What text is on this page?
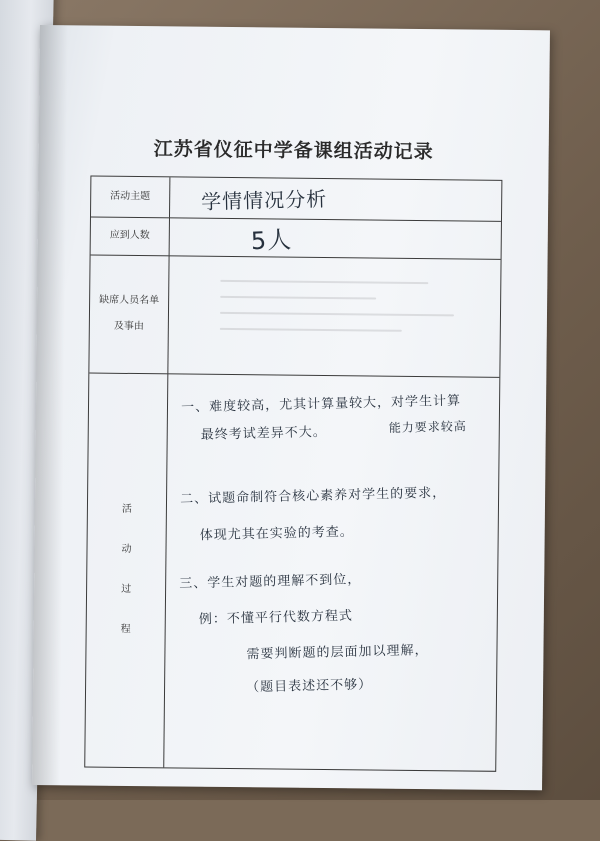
江苏省仪征中学备课组活动记录
活动主题	学情情况分析
应到人数	5人
缺席人员名单
及事由
活
动
过
程
一、难度较高，尤其计算量较大，对学生计算
能力要求较高
最终考试差异不大。
二、试题命制符合核心素养对学生的要求，
体现尤其在实验的考查。
三、学生对题的理解不到位，
例：不懂平行代数方程式
需要判断题的层面加以理解，
（题目表述还不够）
